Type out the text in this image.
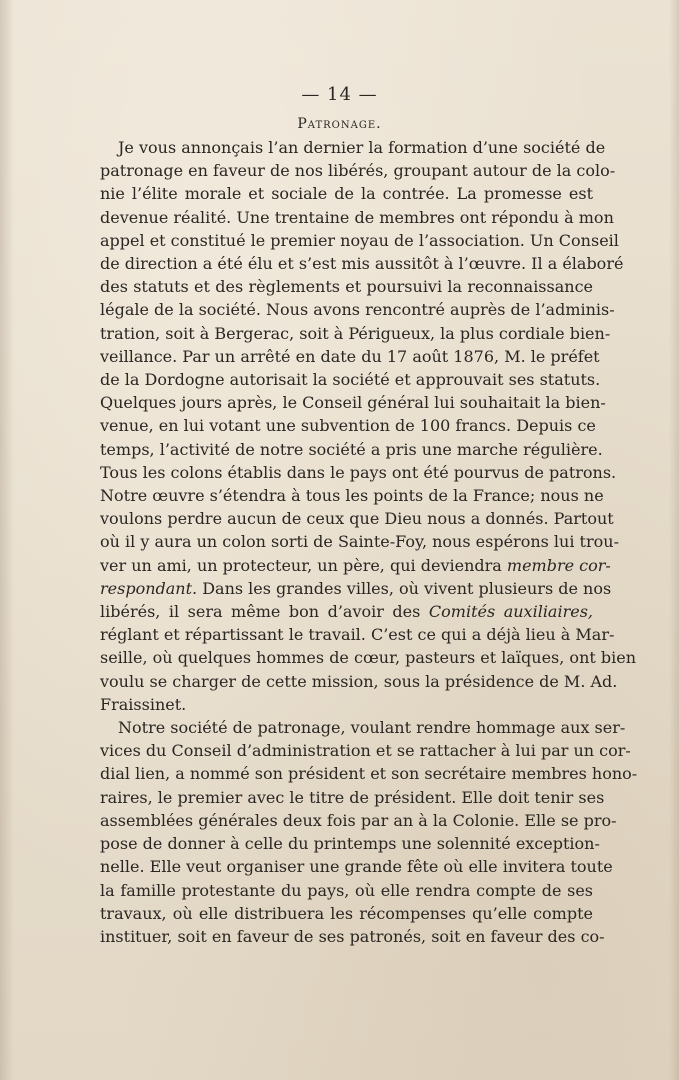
— 14 —
Patronage.
Je vous annonçais l’an dernier la formation d’une société de
patronage en faveur de nos libérés, groupant autour de la colo-
nie l’élite morale et sociale de la contrée. La promesse est
devenue réalité. Une trentaine de membres ont répondu à mon
appel et constitué le premier noyau de l’association. Un Conseil
de direction a été élu et s’est mis aussitôt à l’œuvre. Il a élaboré
des statuts et des règlements et poursuivi la reconnaissance
légale de la société. Nous avons rencontré auprès de l’adminis-
tration, soit à Bergerac, soit à Périgueux, la plus cordiale bien-
veillance. Par un arrêté en date du 17 août 1876, M. le préfet
de la Dordogne autorisait la société et approuvait ses statuts.
Quelques jours après, le Conseil général lui souhaitait la bien-
venue, en lui votant une subvention de 100 francs. Depuis ce
temps, l’activité de notre société a pris une marche régulière.
Tous les colons établis dans le pays ont été pourvus de patrons.
Notre œuvre s’étendra à tous les points de la France; nous ne
voulons perdre aucun de ceux que Dieu nous a donnés. Partout
où il y aura un colon sorti de Sainte-Foy, nous espérons lui trou-
ver un ami, un protecteur, un père, qui deviendra membre cor-
respondant. Dans les grandes villes, où vivent plusieurs de nos
libérés, il sera même bon d’avoir des Comités auxiliaires,
réglant et répartissant le travail. C’est ce qui a déjà lieu à Mar-
seille, où quelques hommes de cœur, pasteurs et laïques, ont bien
voulu se charger de cette mission, sous la présidence de M. Ad.
Fraissinet.
Notre société de patronage, voulant rendre hommage aux ser-
vices du Conseil d’administration et se rattacher à lui par un cor-
dial lien, a nommé son président et son secrétaire membres hono-
raires, le premier avec le titre de président. Elle doit tenir ses
assemblées générales deux fois par an à la Colonie. Elle se pro-
pose de donner à celle du printemps une solennité exception-
nelle. Elle veut organiser une grande fête où elle invitera toute
la famille protestante du pays, où elle rendra compte de ses
travaux, où elle distribuera les récompenses qu’elle compte
instituer, soit en faveur de ses patronés, soit en faveur des co-
